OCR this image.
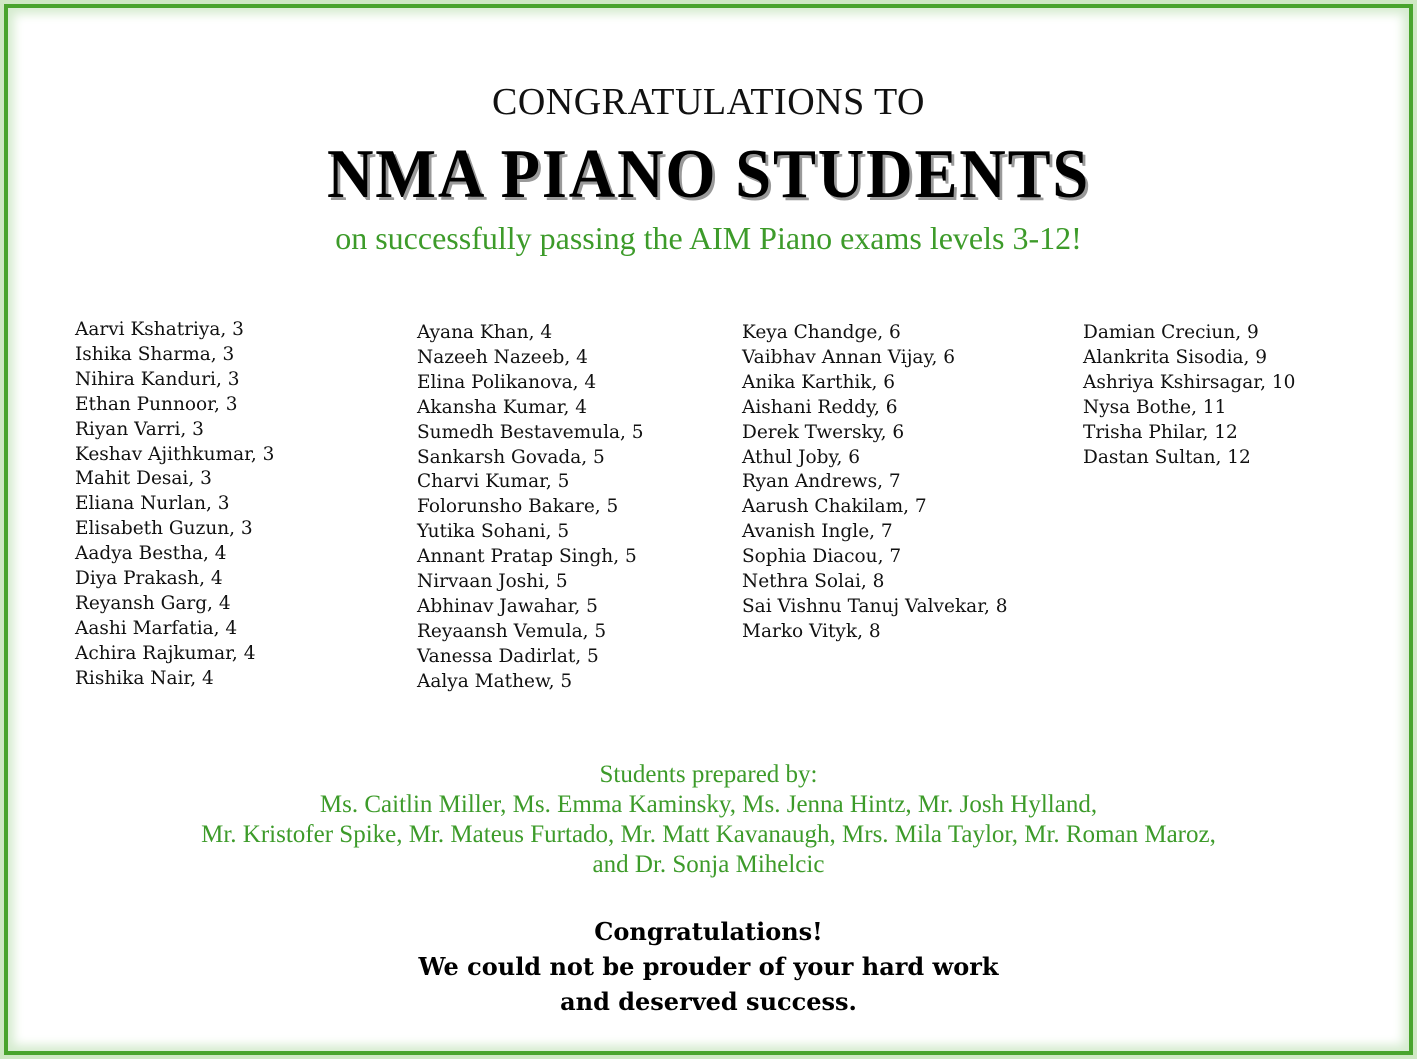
CONGRATULATIONS TO
NMA PIANO STUDENTS
on successfully passing the AIM Piano exams levels 3-12!
Aarvi Kshatriya, 3
Ishika Sharma, 3
Nihira Kanduri, 3
Ethan Punnoor, 3
Riyan Varri, 3
Keshav Ajithkumar, 3
Mahit Desai, 3
Eliana Nurlan, 3
Elisabeth Guzun, 3
Aadya Bestha, 4
Diya Prakash, 4
Reyansh Garg, 4
Aashi Marfatia, 4
Achira Rajkumar, 4
Rishika Nair, 4
Ayana Khan, 4
Nazeeh Nazeeb, 4
Elina Polikanova, 4
Akansha Kumar, 4
Sumedh Bestavemula, 5
Sankarsh Govada, 5
Charvi Kumar, 5
Folorunsho Bakare, 5
Yutika Sohani, 5
Annant Pratap Singh, 5
Nirvaan Joshi, 5
Abhinav Jawahar, 5
Reyaansh Vemula, 5
Vanessa Dadirlat, 5
Aalya Mathew, 5
Keya Chandge, 6
Vaibhav Annan Vijay, 6
Anika Karthik, 6
Aishani Reddy, 6
Derek Twersky, 6
Athul Joby, 6
Ryan Andrews, 7
Aarush Chakilam, 7
Avanish Ingle, 7
Sophia Diacou, 7
Nethra Solai, 8
Sai Vishnu Tanuj Valvekar, 8
Marko Vityk, 8
Damian Creciun, 9
Alankrita Sisodia, 9
Ashriya Kshirsagar, 10
Nysa Bothe, 11
Trisha Philar, 12
Dastan Sultan, 12
Students prepared by:
Ms. Caitlin Miller, Ms. Emma Kaminsky, Ms. Jenna Hintz, Mr. Josh Hylland,
Mr. Kristofer Spike, Mr. Mateus Furtado, Mr. Matt Kavanaugh, Mrs. Mila Taylor, Mr. Roman Maroz,
and Dr. Sonja Mihelcic
Congratulations!
We could not be prouder of your hard work
and deserved success.
